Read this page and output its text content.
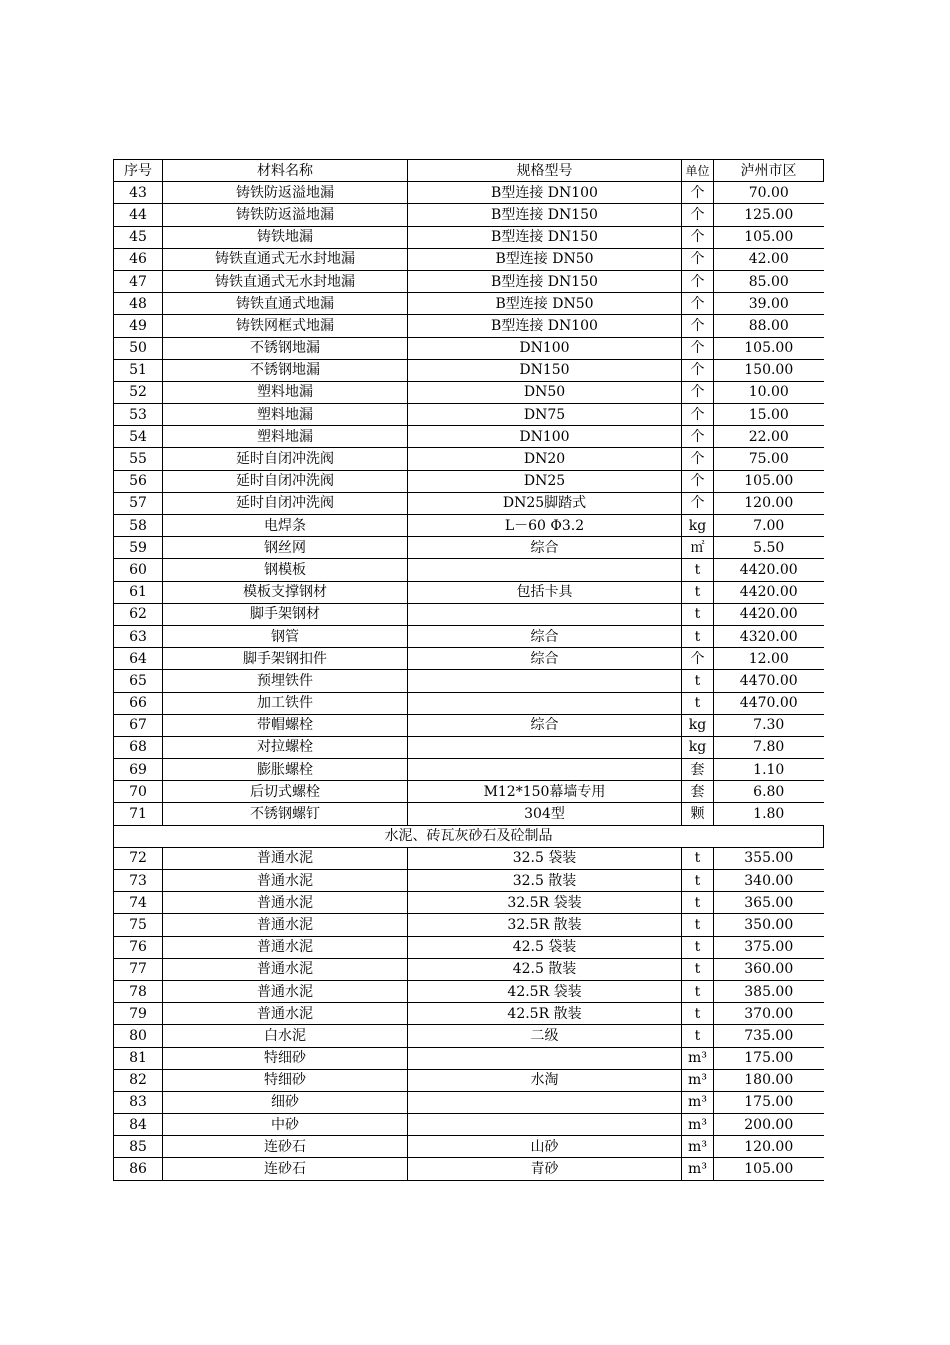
序号	材料名称	规格型号	单位	泸州市区
43	铸铁防返溢地漏	B型连接 DN100	个	70.00
44	铸铁防返溢地漏	B型连接 DN150	个	125.00
45	铸铁地漏	B型连接 DN150	个	105.00
46	铸铁直通式无水封地漏	B型连接 DN50	个	42.00
47	铸铁直通式无水封地漏	B型连接 DN150	个	85.00
48	铸铁直通式地漏	B型连接 DN50	个	39.00
49	铸铁网框式地漏	B型连接 DN100	个	88.00
50	不锈钢地漏	DN100	个	105.00
51	不锈钢地漏	DN150	个	150.00
52	塑料地漏	DN50	个	10.00
53	塑料地漏	DN75	个	15.00
54	塑料地漏	DN100	个	22.00
55	延时自闭冲洗阀	DN20	个	75.00
56	延时自闭冲洗阀	DN25	个	105.00
57	延时自闭冲洗阀	DN25脚踏式	个	120.00
58	电焊条	L－60 Φ3.2	kg	7.00
59	钢丝网	综合	㎡	5.50
60	钢模板		t	4420.00
61	模板支撑钢材	包括卡具	t	4420.00
62	脚手架钢材		t	4420.00
63	钢管	综合	t	4320.00
64	脚手架钢扣件	综合	个	12.00
65	预埋铁件		t	4470.00
66	加工铁件		t	4470.00
67	带帽螺栓	综合	kg	7.30
68	对拉螺栓		kg	7.80
69	膨胀螺栓		套	1.10
70	后切式螺栓	M12*150幕墙专用	套	6.80
71	不锈钢螺钉	304型	颗	1.80
水泥、砖瓦灰砂石及砼制品				
72	普通水泥	32.5 袋装	t	355.00
73	普通水泥	32.5 散装	t	340.00
74	普通水泥	32.5R 袋装	t	365.00
75	普通水泥	32.5R 散装	t	350.00
76	普通水泥	42.5 袋装	t	375.00
77	普通水泥	42.5 散装	t	360.00
78	普通水泥	42.5R 袋装	t	385.00
79	普通水泥	42.5R 散装	t	370.00
80	白水泥	二级	t	735.00
81	特细砂		m³	175.00
82	特细砂	水淘	m³	180.00
83	细砂		m³	175.00
84	中砂		m³	200.00
85	连砂石	山砂	m³	120.00
86	连砂石	青砂	m³	105.00
